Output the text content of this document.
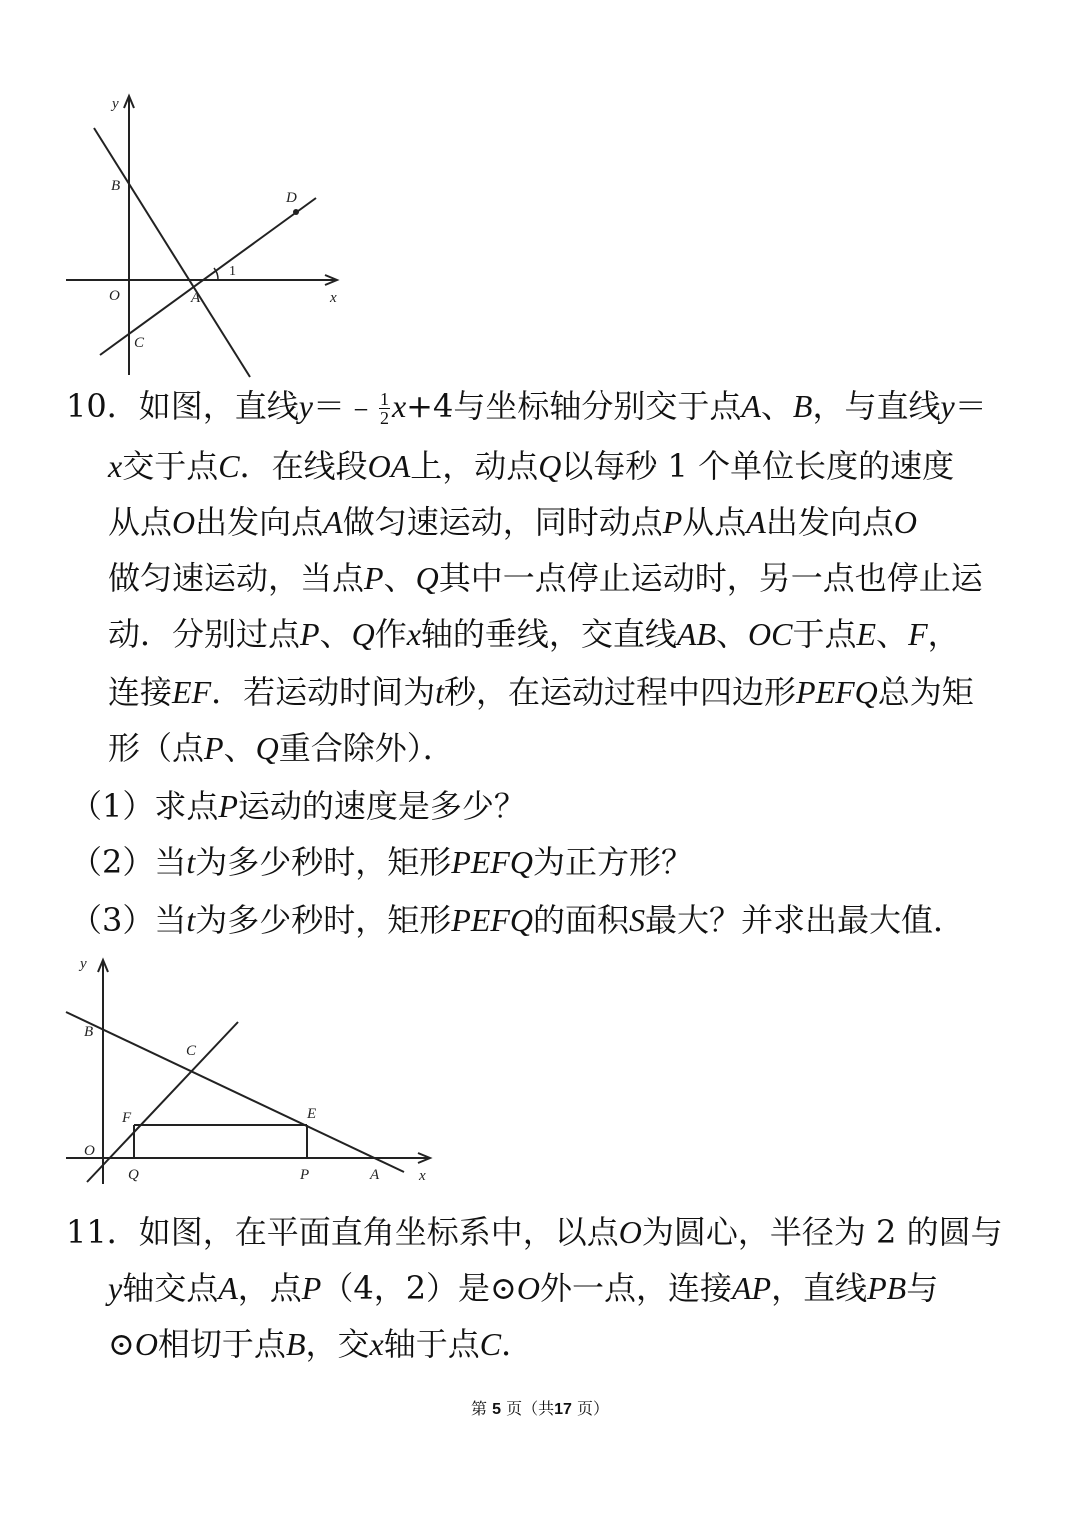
y
B
D
1
O	A	x
C
10．如图，直线y＝﹣ $\frac{1}{2} x+4$与坐标轴分别交于点A、B，与直线y＝
x交于点C．在线段OA上，动点Q以每秒 1 个单位长度的速度
从点O出发向点A做匀速运动，同时动点P从点A出发向点O
做匀速运动，当点P、Q其中一点停止运动时，另一点也停止运
动．分别过点P、Q作x轴的垂线，交直线AB、OC于点E、F，
连接EF．若运动时间为t秒，在运动过程中四边形PEFQ总为矩
形（点P、Q重合除外）．
（1）求点P运动的速度是多少？
（2）当t为多少秒时，矩形PEFQ为正方形？
（3）当t为多少秒时，矩形PEFQ的面积S最大？并求出最大值．
y
B
C
E
F
O
Q	P	A	x
11．如图，在平面直角坐标系中，以点O为圆心，半径为 2 的圆与
y轴交点A，点P（4，2）是⊙O外一点，连接AP，直线PB与
⊙O相切于点B，交x轴于点C．
第 5 页（共17 页）
